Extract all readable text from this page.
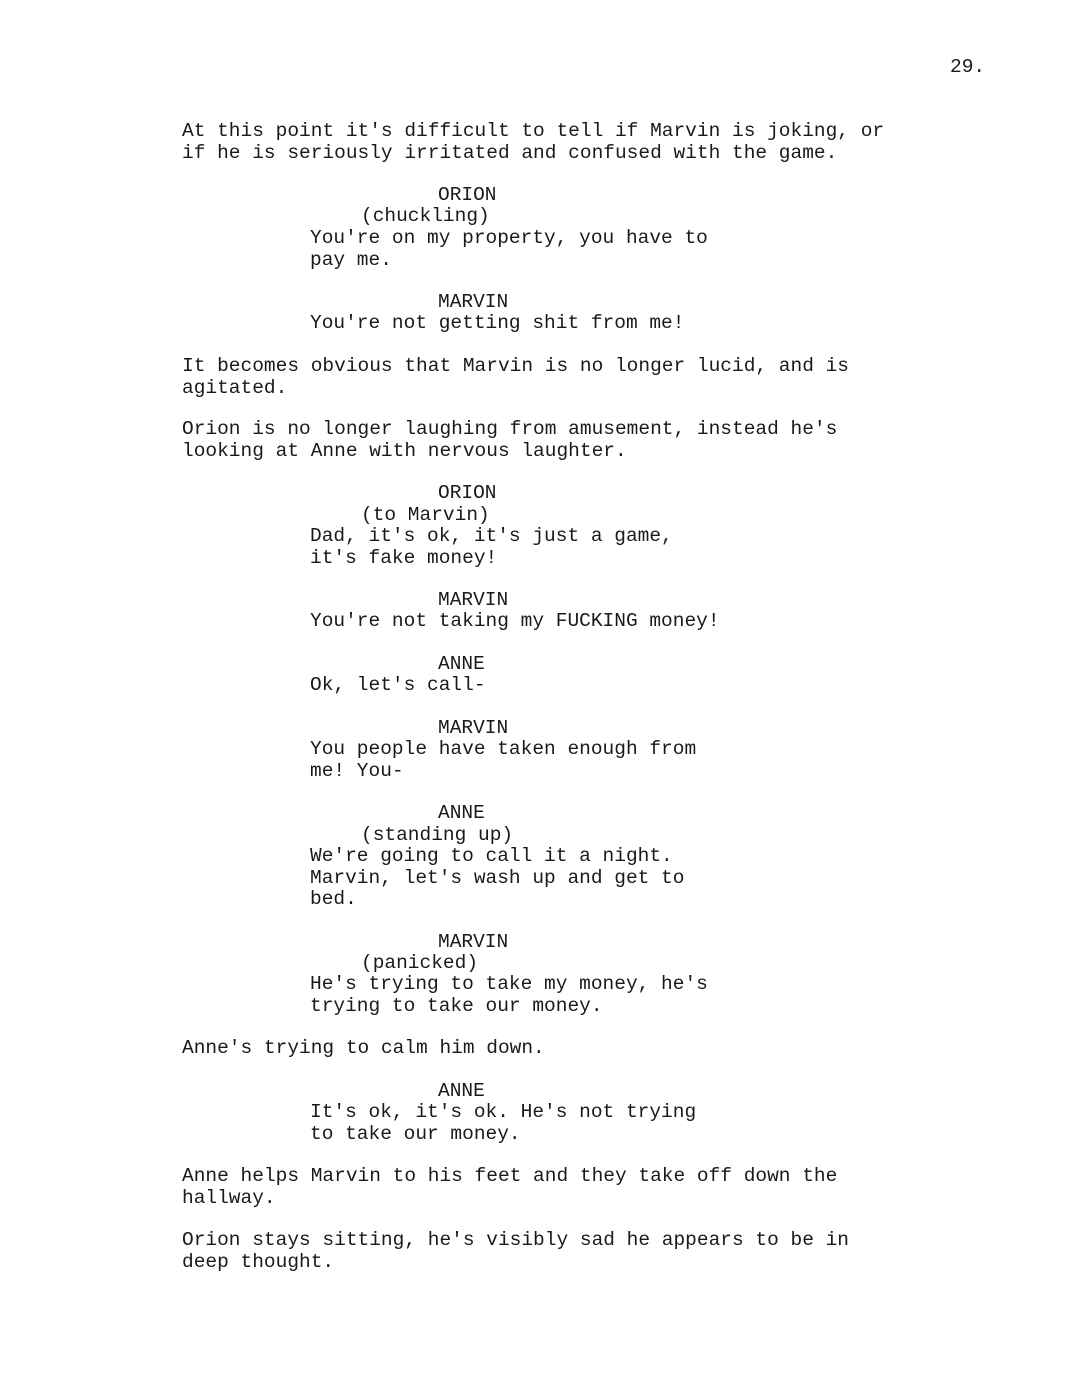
29.

At this point it's difficult to tell if Marvin is joking, or
if he is seriously irritated and confused with the game.

ORION

(chuckling)

You're on my property, you have to
pay me.

MARVIN

You're not getting shit from me!

It becomes obvious that Marvin is no longer lucid, and is
agitated.

Orion is no longer laughing from amusement, instead he's
looking at Anne with nervous laughter.

ORION

(to Marvin)

Dad, it's ok, it's just a game,
it's fake money!

MARVIN

You're not taking my FUCKING money!

ANNE

Ok, let's call-

MARVIN

You people have taken enough from
me! You-

ANNE

(standing up)

We're going to call it a night.
Marvin, let's wash up and get to
bed.

MARVIN

(panicked)

He's trying to take my money, he's
trying to take our money.

Anne's trying to calm him down.

ANNE

It's ok, it's ok. He's not trying
to take our money.

Anne helps Marvin to his feet and they take off down the
hallway.

Orion stays sitting, he's visibly sad he appears to be in
deep thought.
